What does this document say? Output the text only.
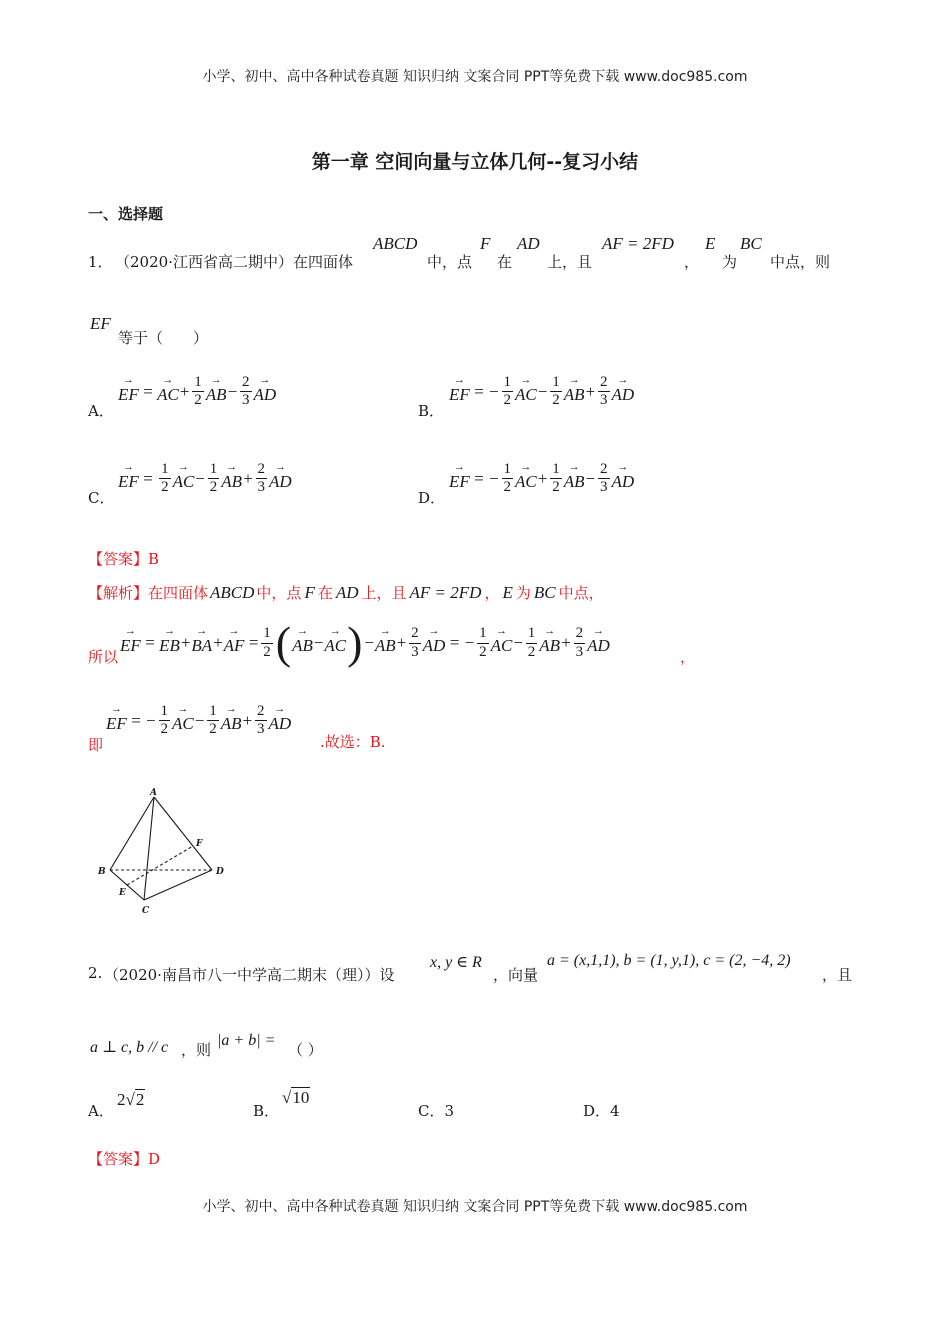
小学、初中、高中各种试卷真题 知识归纳 文案合同 PPT等免费下载 www.doc985.com
小学、初中、高中各种试卷真题 知识归纳 文案合同 PPT等免费下载 www.doc985.com
第一章 空间向量与立体几何--复习小结
一、选择题
1． （2020·江西省高二期中）在四面体
ABCD
中，点
F
在
AD
上，且
AF = 2FD
，
E
为
BC
中点，则
EF
等于（　　）
A．
→ EF  =  → AC + $\frac{1}{2}$ → AB − $\frac{2}{3}$ → AD
B．
→ EF  = − $\frac{1}{2}$ → AC − $\frac{1}{2}$ → AB + $\frac{2}{3}$ → AD
C．
→ EF  =  $\frac{1}{2}$ → AC − $\frac{1}{2}$ → AB + $\frac{2}{3}$ → AD
D．
→ EF  = − $\frac{1}{2}$ → AC + $\frac{1}{2}$ → AB − $\frac{2}{3}$ → AD
【答案】B
【解析】 在四面体 ABCD 中，点 F 在 AD 上，且 AF = 2FD ， E 为 BC 中点，
所以
→ EF  =  → EB + → BA + → AF  = $\frac{1}{2}$ ( → AB − → AC ) − → AB + $\frac{2}{3}$ → AD  = − $\frac{1}{2}$ → AC − $\frac{1}{2}$ → AB + $\frac{2}{3}$ → AD
，
即
→ EF  = − $\frac{1}{2}$ → AC − $\frac{1}{2}$ → AB + $\frac{2}{3}$ → AD
.故选：B.
A
B
C
D
E
F
2. （2020·南昌市八一中学高二期末（理））设
x, y ∈ R
，向量
a = (x,1,1), b = (1, y,1), c = (2, −4, 2)
，且
a ⊥ c, b // c ，则
|a + b| =
（ ）
A．
2√2
B．
√10
C．3	D．4
【答案】D
